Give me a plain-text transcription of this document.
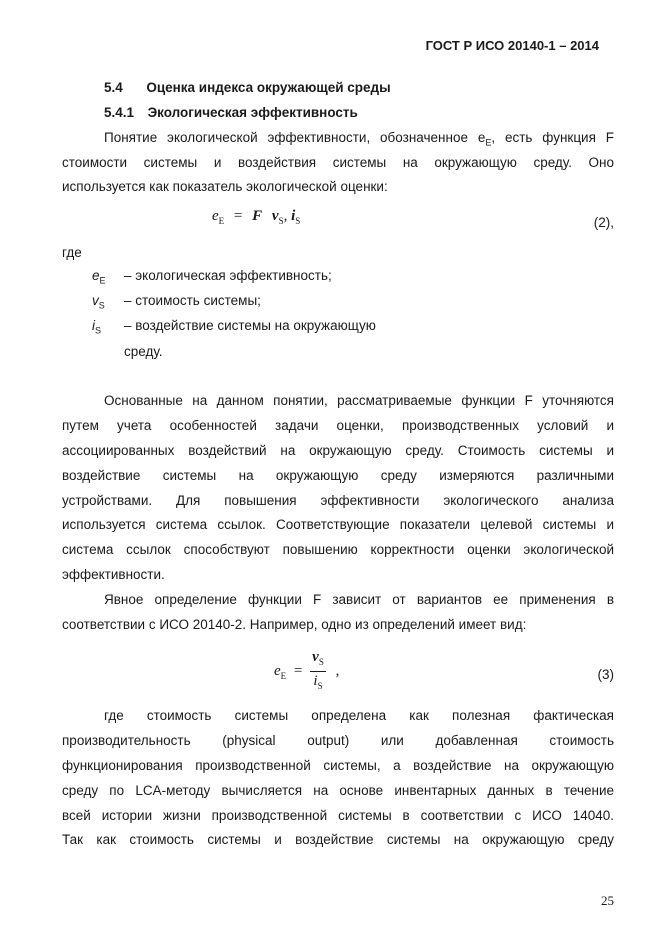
ГОСТ Р ИСО 20140-1 – 2014
5.4 Оценка индекса окружающей среды
5.4.1 Экологическая эффективность
Понятие экологической эффективности, обозначенное $e_E$, есть функция F
стоимости системы и воздействия системы на окружающую среду. Оно
используется как показатель экологической оценки:
$e_E = F$ $v_S$, $i_S$	(2),
где
$e_E$ – экологическая эффективность;
$v_S$ – стоимость системы;
$i_S$ – воздействие системы на окружающую
среду.
Основанные на данном понятии, рассматриваемые функции F уточняются
путем учета особенностей задачи оценки, производственных условий и
ассоциированных воздействий на окружающую среду. Стоимость системы и
воздействие системы на окружающую среду измеряются различными
устройствами. Для повышения эффективности экологического анализа
используется система ссылок. Соответствующие показатели целевой системы и
система ссылок способствуют повышению корректности оценки экологической
эффективности.
Явное определение функции F зависит от вариантов ее применения в
соответствии с ИСО 20140-2. Например, одно из определений имеет вид:
$e_E = \frac{v_S}{i_S}$ ,	(3)
где стоимость системы определена как полезная фактическая
производительность (physical output) или добавленная стоимость
функционирования производственной системы, а воздействие на окружающую
среду по LCA-методу вычисляется на основе инвентарных данных в течение
всей истории жизни производственной системы в соответствии с ИСО 14040.
Так как стоимость системы и воздействие системы на окружающую среду
25
